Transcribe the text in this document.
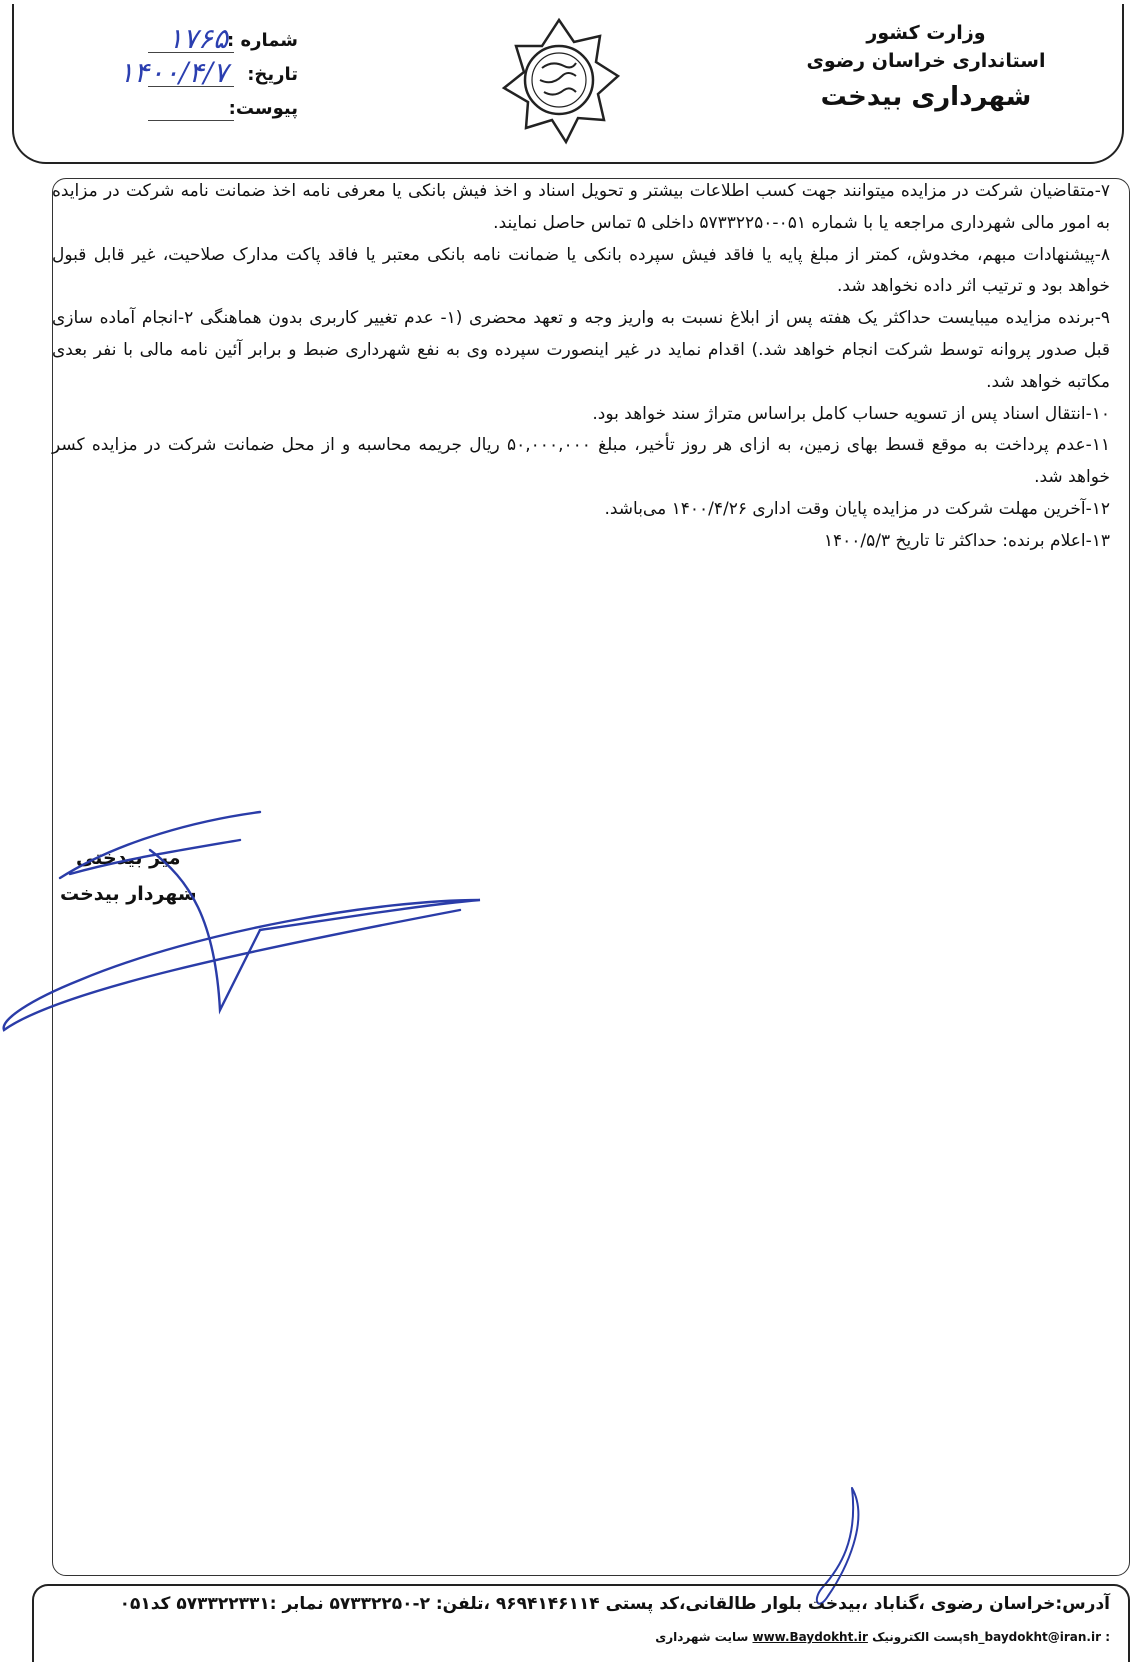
وزارت کشور
استانداری خراسان رضوی
شهرداری بیدخت
شماره :
۱۷۶۵
تاریخ:
۱۴۰۰/۴/۷
پیوست:

۷-متقاضیان شرکت در مزایده میتوانند جهت کسب اطلاعات بیشتر و تحویل اسناد و اخذ فیش بانکی یا معرفی نامه اخذ ضمانت نامه شرکت در مزایده به امور مالی شهرداری مراجعه یا با شماره ۰۵۱-۵۷۳۳۲۲۵۰ داخلی ۵ تماس حاصل نمایند.

۸-پیشنهادات مبهم، مخدوش، کمتر از مبلغ پایه یا فاقد فیش سپرده بانکی یا ضمانت نامه بانکی معتبر یا فاقد پاکت مدارک صلاحیت، غیر قابل قبول خواهد بود و ترتیب اثر داده نخواهد شد.

۹-برنده مزایده میبایست حداکثر یک هفته پس از ابلاغ نسبت به واریز وجه و تعهد محضری (۱- عدم تغییر کاربری بدون هماهنگی ۲-انجام آماده سازی قبل صدور پروانه توسط شرکت انجام خواهد شد.) اقدام نماید در غیر اینصورت سپرده وی به نفع شهرداری ضبط و برابر آئین نامه مالی با نفر بعدی مکاتبه خواهد شد.

۱۰-انتقال اسناد پس از تسویه حساب کامل براساس متراژ سند خواهد بود.

۱۱-عدم پرداخت به موقع قسط بهای زمین، به ازای هر روز تأخیر، مبلغ ۵۰,۰۰۰,۰۰۰ ریال جریمه محاسبه و از محل ضمانت شرکت در مزایده کسر خواهد شد.

۱۲-آخرین مهلت شرکت در مزایده پایان وقت اداری ۱۴۰۰/۴/۲۶ می‌باشد.

۱۳-اعلام برنده: حداکثر تا تاریخ ۱۴۰۰/۵/۳

میر بیدختی
شهردار بیدخت
آدرس:خراسان رضوی ،گناباد ،بیدخت بلوار طالقانی،کد پستی ۹۶۹۴۱۴۶۱۱۴ ،تلفن: ۲-۵۷۳۳۲۲۵۰ نمابر :۵۷۳۳۲۲۳۳۱ کد۰۵۱
: sh_baydokht@iran.irپست الکترونیک www.Baydokht.ir سایت شهرداری
